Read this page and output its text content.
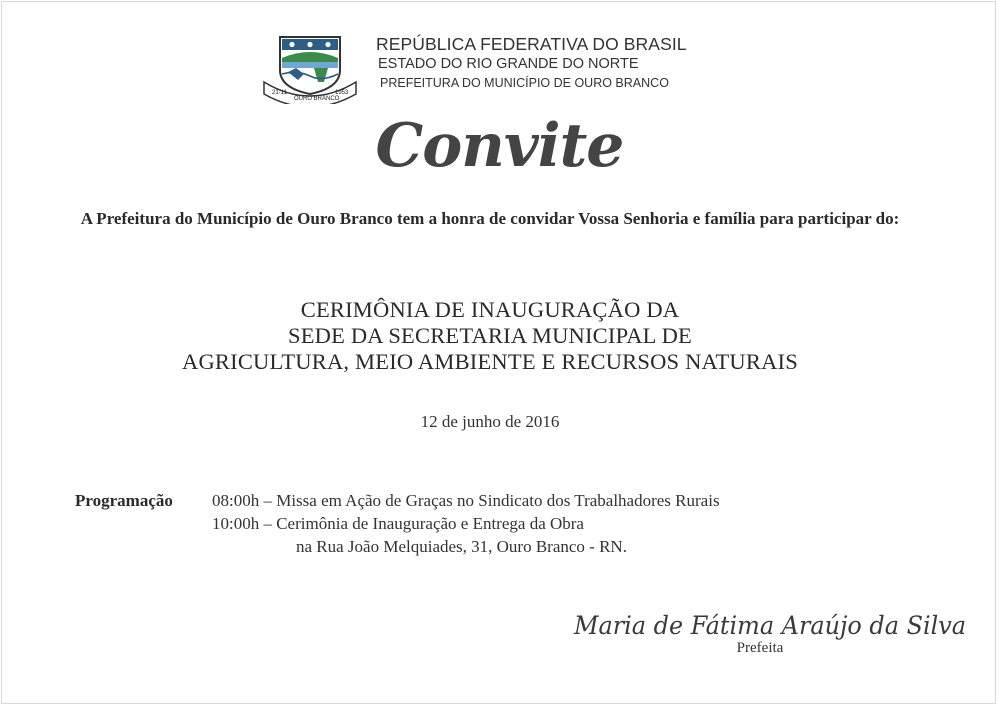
21-11
OURO BRANCO
1953
REPÚBLICA FEDERATIVA DO BRASIL
ESTADO DO RIO GRANDE DO NORTE
PREFEITURA DO MUNICÍPIO DE OURO BRANCO
Convite
A Prefeitura do Município de Ouro Branco tem a honra de convidar Vossa Senhoria e família para participar do:
CERIMÔNIA DE INAUGURAÇÃO DA
SEDE DA SECRETARIA MUNICIPAL DE
AGRICULTURA, MEIO AMBIENTE E RECURSOS NATURAIS
12 de junho de 2016
Programação 08:00h – Missa em Ação de Graças no Sindicato dos Trabalhadores Rurais
10:00h – Cerimônia de Inauguração e Entrega da Obra
na Rua João Melquiades, 31, Ouro Branco - RN.
Maria de Fátima Araújo da Silva
Prefeita
